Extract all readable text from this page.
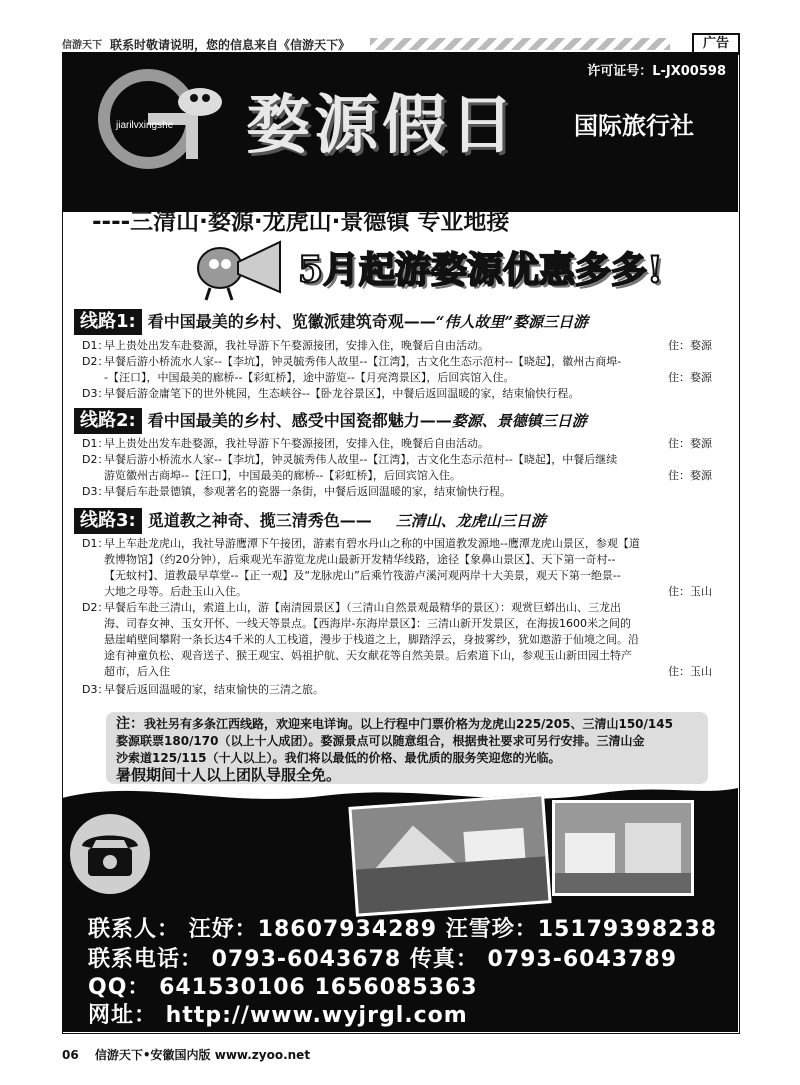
信游天下 联系时敬请说明，您的信息来自《信游天下》	广告
jiarilvxingshe
许可证号：L-JX00598
婺源假日 国际旅行社
----三清山·婺源·龙虎山·景德镇 专业地接
5月起游婺源优惠多多!
线路1: 看中国最美的乡村、览徽派建筑奇观——“伟人故里”婺源三日游
D1：早上贵处出发车赴婺源，我社导游下午婺源接团，安排入住，晚餐后自由活动。	住：婺源
D2：早餐后游小桥流水人家--【李坑】，钟灵毓秀伟人故里--【江湾】，古文化生态示范村--【晓起】，徽州古商埠-
-【汪口】，中国最美的廊桥--【彩虹桥】，途中游览--【月亮湾景区】，后回宾馆入住。	住：婺源
D3：早餐后游金庸笔下的世外桃园，生态峡谷--【卧龙谷景区】，中餐后返回温暖的家，结束愉快行程。
线路2: 看中国最美的乡村、感受中国瓷都魅力——婺源、景德镇三日游
D1：早上贵处出发车赴婺源，我社导游下午婺源接团，安排入住，晚餐后自由活动。	住：婺源
D2：早餐后游小桥流水人家--【李坑】，钟灵毓秀伟人故里--【江湾】，古文化生态示范村--【晓起】，中餐后继续
游览徽州古商埠--【汪口】，中国最美的廊桥--【彩虹桥】，后回宾馆入住。	住：婺源
D3：早餐后车赴景德镇，参观著名的瓷器一条街，中餐后返回温暖的家，结束愉快行程。
线路3: 觅道教之神奇、揽三清秀色—— 三清山、龙虎山三日游
D1：早上车赴龙虎山，我社导游鹰潭下午接团，游素有碧水丹山之称的中国道教发源地--鹰潭龙虎山景区，参观【道
教博物馆】（约20分钟），后乘观光车游览龙虎山最新开发精华线路，途径【象鼻山景区】、天下第一奇村--
【无蚊村】、道教最早草堂--【正一观】及“龙脉虎山”后乘竹筏游卢溪河观两岸十大美景，观天下第一绝景--
大地之母等。后赴玉山入住。	住：玉山
D2：早餐后车赴三清山，索道上山，游【南清园景区】（三清山自然景观最精华的景区）：观赏巨蟒出山、三龙出
海、司春女神、玉女开怀、一线天等景点。【西海岸-东海岸景区】：三清山新开发景区，在海拔1600米之间的
悬崖峭壁间攀附一条长达4千米的人工栈道，漫步于栈道之上，脚踏浮云，身披雾纱，犹如遨游于仙境之间。沿
途有神童负松、观音送子、猴王观宝、妈祖护航、天女献花等自然美景。后索道下山，参观玉山新田园土特产
超市，后入住	住：玉山
D3：早餐后返回温暖的家，结束愉快的三清之旅。
注：我社另有多条江西线路，欢迎来电详询。以上行程中门票价格为龙虎山225/205、三清山150/145
婺源联票180/170（以上十人成团）。婺源景点可以随意组合，根据贵社要求可另行安排。三清山金
沙索道125/115（十人以上）。我们将以最低的价格、最优质的服务笑迎您的光临。
暑假期间十人以上团队导服全免。
联系人： 汪妤：18607934289 汪雪珍：15179398238
联系电话： 0793-6043678 传真： 0793-6043789
QQ： 641530106 1656085363
网址： http://www.wyjrgl.com
06 信游天下•安徽国内版 www.zyoo.net
